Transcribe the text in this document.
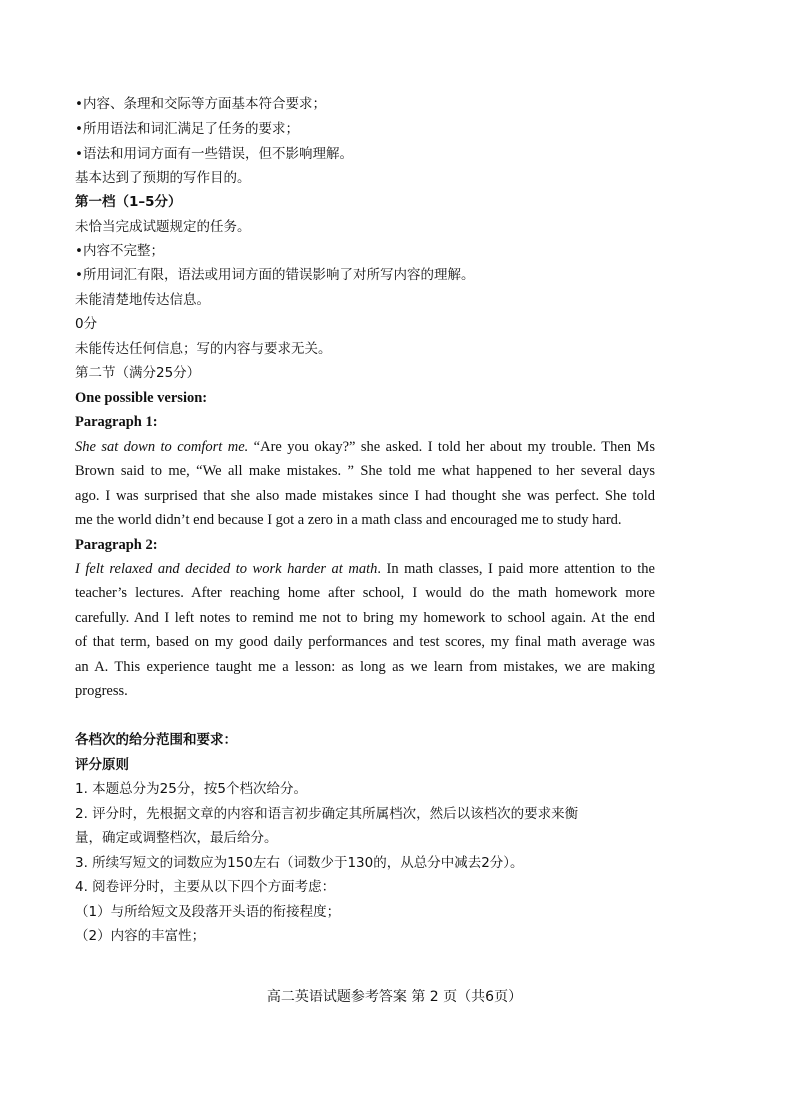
•内容、条理和交际等方面基本符合要求；
•所用语法和词汇满足了任务的要求；
•语法和用词方面有一些错误，但不影响理解。
基本达到了预期的写作目的。
第一档（1–5分）
未恰当完成试题规定的任务。
•内容不完整；
•所用词汇有限，语法或用词方面的错误影响了对所写内容的理解。
未能清楚地传达信息。
0分
未能传达任何信息；写的内容与要求无关。
第二节（满分25分）
One possible version:
Paragraph 1:
She sat down to comfort me. “Are you okay?” she asked. I told her about my trouble. Then Ms
Brown said to me, “We all make mistakes. ” She told me what happened to her several days
ago. I was surprised that she also made mistakes since I had thought she was perfect. She told
me the world didn’t end because I got a zero in a math class and encouraged me to study hard.
Paragraph 2:
I felt relaxed and decided to work harder at math. In math classes, I paid more attention to the
teacher’s lectures. After reaching home after school, I would do the math homework more
carefully. And I left notes to remind me not to bring my homework to school again. At the end
of that term, based on my good daily performances and test scores, my final math average was
an A. This experience taught me a lesson: as long as we learn from mistakes, we are making
progress.
各档次的给分范围和要求：
评分原则
1. 本题总分为25分，按5个档次给分。
2. 评分时，先根据文章的内容和语言初步确定其所属档次，然后以该档次的要求来衡
量，确定或调整档次，最后给分。
3. 所续写短文的词数应为150左右（词数少于130的，从总分中减去2分）。
4. 阅卷评分时，主要从以下四个方面考虑：
（1）与所给短文及段落开头语的衔接程度；
（2）内容的丰富性；
高二英语试题参考答案 第 2 页（共6页）
